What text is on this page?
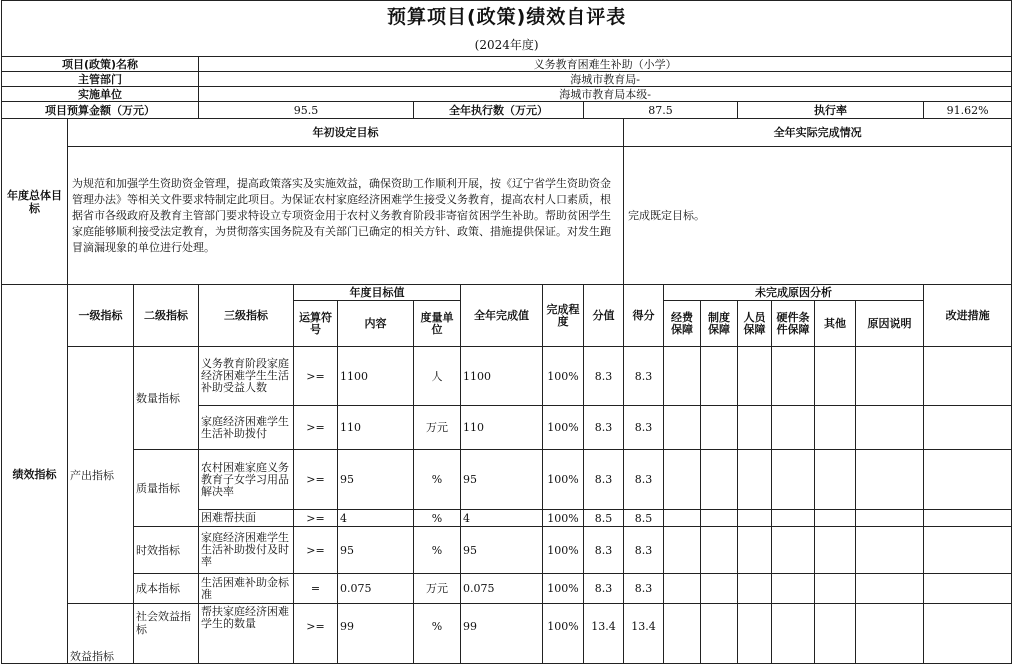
预算项目(政策)绩效自评表																	
(2024年度)																	
项目(政策)名称			义务教育困难生补助（小学）														
主管部门			海城市教育局-														
实施单位			海城市教育局本级-														
项目预算金额（万元）			95.5			全年执行数（万元）			87.5				执行率				91.62%
年度总体目标	年初设定目标									全年实际完成情况							
	为规范和加强学生资助资金管理，提高政策落实及实施效益，确保资助工作顺利开展，按《辽宁省学生资助资金管理办法》等相关文件要求特制定此项目。为保证农村家庭经济困难学生接受义务教育，提高农村人口素质，根据省市各级政府及教育主管部门要求特设立专项资金用于农村义务教育阶段非寄宿贫困学生补助。帮助贫困学生家庭能够顺利接受法定教育，为贯彻落实国务院及有关部门已确定的相关方针、政策、措施提供保证。对发生跑冒滴漏现象的单位进行处理。									完成既定目标。							
绩效指标	一级指标	二级指标	三级指标	年度目标值			全年完成值	完成程度	分值	得分	未完成原因分析						改进措施
				运算符号	内容	度量单位					经费保障	制度保障	人员保障	硬件条件保障	其他	原因说明	
	产出指标	数量指标	义务教育阶段家庭经济困难学生生活补助受益人数	>=	1100	人	1100	100%	8.3	8.3							
			家庭经济困难学生生活补助拨付	>=	110	万元	110	100%	8.3	8.3							
		质量指标	农村困难家庭义务教育子女学习用品解决率	>=	95	%	95	100%	8.3	8.3							
			困难帮扶面	>=	4	%	4	100%	8.5	8.5							
		时效指标	家庭经济困难学生生活补助拨付及时率	>=	95	%	95	100%	8.3	8.3							
		成本指标	生活困难补助金标准	=	0.075	万元	0.075	100%	8.3	8.3							
	效益指标	社会效益指标	帮扶家庭经济困难学生的数量	>=	99	%	99	100%	13.4	13.4							
